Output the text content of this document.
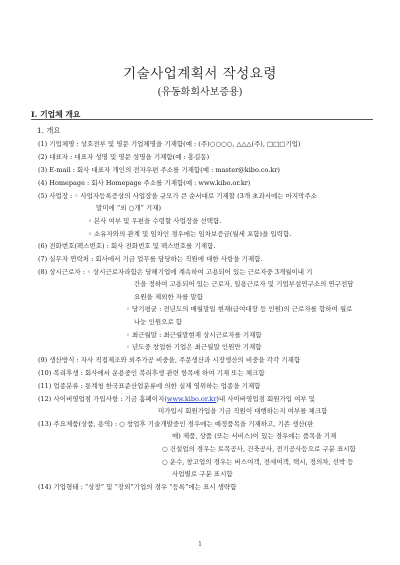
기술사업계획서 작성요령
(유동화회사보증용)
Ⅰ. 기업체 개요
1. 개요
(1) 기업체명 : 상호전부 및 영문 기업체명을 기재함(예 : (주)○○○○, △△△(주), □□□기업)
(2) 대표자 : 대표자 성명 및 영문 성명을 기재함(예 : 홍길동)
(3) E-mail : 회사 대표자 개인의 전자우편 주소를 기재함(예 : master@kibo.co.kr)
(4) Homepage : 회사 Homepage 주소를 기재함(예 : www.kibo.or.kr)
(5) 사업장 : ◦ 사업자등록증상의 사업장을 규모가 큰 순서대로 기재할 (3개 초과시에는 마지막주소
말미에 “외 ○개” 기재)
◦ 본사 여부 및 우편을 수령할 사업장을 선택함.
◦ 소유자와의 관계 및 임차인 경우에는 임차보증금(월세 포함)을 입력함.
(6) 전화번호(팩스번호) : 회사 전화번호 및 팩스번호를 기재함.
(7) 실무자 연락처 : 회사에서 기금 업무를 담당하는 직원에 대한 사항을 기재함.
(8) 상시근로자 : ◦ 상시근로자라함은 당해기업에 계속하여 고용되어 있는 근로자중 3개월이내 기
간을 정하여 고용되어 있는 근로자, 일용근로자 및 기업부설연구소의 연구전담
요원을 제외한 자를 말함
◦ 당기평균 : 전년도의 매월말일 현재(급여대장 등 인원)의 근로자를 합하여 월로
나눈 인원으로 함
◦ 최근월말 : 최근월말현재 상시근로자를 기재함
◦ 년도중 창업한 기업은 최근월말 인원만 기재함
(9) 생산방식 : 자사 직접제조와 외주가공 비중을, 주문생산과 시장생산의 비중을 각각 기재함
(10) 복리후생 : 회사에서 운용중인 복리후생 관련 항목에 하여 기재 또는 체크함
(11) 업종분류 : 통계청 한국표준산업분류에 의한 실제 영위하는 업종을 기재함
(12) 사이버영업점 가입사항 : 기금 홈페이지(www.kibo.or.kr)내 사이버영업점 회원가입 여부 및
미가입시 회원가입을 기금 직원이 대행하는지 여부를 체크함
(13) 주요제품(상품, 용역) : ○ 창업후 기술개발중인 경우에는 예정품목을 기재하고, 기존 생산(판
매) 제품, 상품 (또는 서비스)이 있는 경우에는 품목을 기재
○ 건설업의 경우는 토목공사, 건축공사, 전기공사등으로 구분 표시함
○ 운수, 창고업의 경우는 버스여객, 전세여객, 택시, 정의차, 선박 등
사업별로 구분 표시함
(14) 기업형태 : “상장” 및 “장외”기업의 경우 “등록”에는 표시 생략함
1
